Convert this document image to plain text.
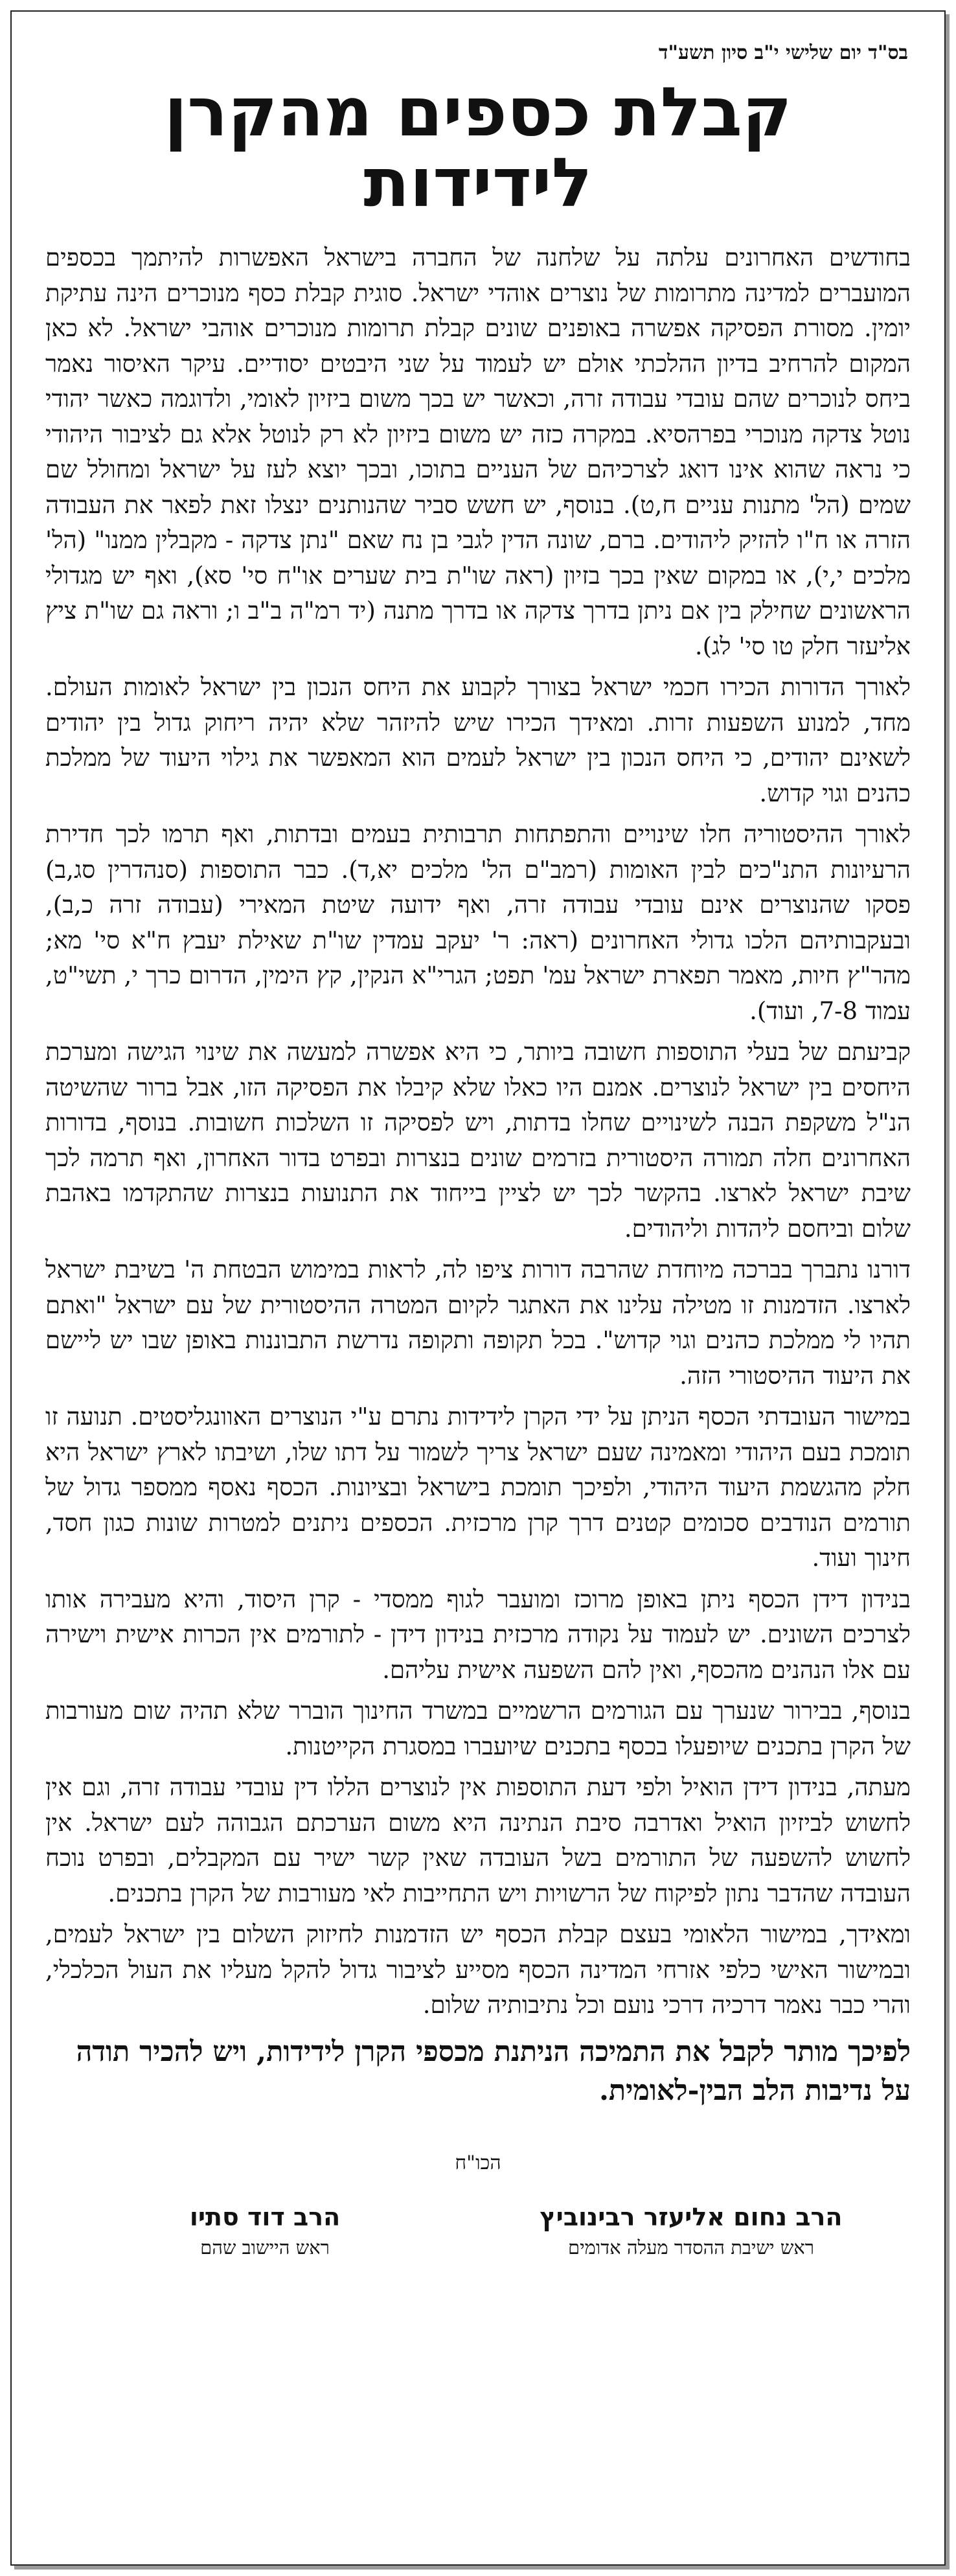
בס"ד יום שלישי י"ב סיון תשע"ד
קבלת כספים מהקרן לידידות

בחודשים האחרונים עלתה על שלחנה של החברה בישראל האפשרות להיתמך בכספים המועברים למדינה מתרומות של נוצרים אוהדי ישראל. סוגית קבלת כסף מנוכרים הינה עתיקת יומין. מסורת הפסיקה אפשרה באופנים שונים קבלת תרומות מנוכרים אוהבי ישראל. לא כאן המקום להרחיב בדיון ההלכתי אולם יש לעמוד על שני היבטים יסודיים. עיקר האיסור נאמר ביחס לנוכרים שהם עובדי עבודה זרה, וכאשר יש בכך משום ביזיון לאומי, ולדוגמה כאשר יהודי נוטל צדקה מנוכרי בפרהסיא. במקרה כזה יש משום ביזיון לא רק לנוטל אלא גם לציבור היהודי כי נראה שהוא אינו דואג לצרכיהם של העניים בתוכו, ובכך יוצא לעז על ישראל ומחולל שם שמים (הל' מתנות עניים ח,ט). בנוסף, יש חשש סביר שהנותנים ינצלו זאת לפאר את העבודה הזרה או ח"ו להזיק ליהודים. ברם, שונה הדין לגבי בן נח שאם "נתן צדקה - מקבלין ממנו" (הל' מלכים י,י), או במקום שאין בכך בזיון (ראה שו"ת בית שערים או"ח סי' סא), ואף יש מגדולי הראשונים שחילק בין אם ניתן בדרך צדקה או בדרך מתנה (יד רמ"ה ב"ב ו; וראה גם שו"ת ציץ אליעזר חלק טו סי' לג).

לאורך הדורות הכירו חכמי ישראל בצורך לקבוע את היחס הנכון בין ישראל לאומות העולם. מחד, למנוע השפעות זרות. ומאידך הכירו שיש להיזהר שלא יהיה ריחוק גדול בין יהודים לשאינם יהודים, כי היחס הנכון בין ישראל לעמים הוא המאפשר את גילוי היעוד של ממלכת כהנים וגוי קדוש.

לאורך ההיסטוריה חלו שינויים והתפתחות תרבותית בעמים ובדתות, ואף תרמו לכך חדירת הרעיונות התנ"כים לבין האומות (רמב"ם הל' מלכים יא,ד). כבר התוספות (סנהדרין סג,ב) פסקו שהנוצרים אינם עובדי עבודה זרה, ואף ידועה שיטת המאירי (עבודה זרה כ,ב), ובעקבותיהם הלכו גדולי האחרונים (ראה: ר' יעקב עמדין שו"ת שאילת יעבץ ח"א סי' מא; מהר"ץ חיות, מאמר תפארת ישראל עמ' תפט; הגרי"א הנקין, קץ הימין, הדרום כרך י, תשי"ט, עמוד 7-8, ועוד).

קביעתם של בעלי התוספות חשובה ביותר, כי היא אפשרה למעשה את שינוי הגישה ומערכת היחסים בין ישראל לנוצרים. אמנם היו כאלו שלא קיבלו את הפסיקה הזו, אבל ברור שהשיטה הנ"ל משקפת הבנה לשינויים שחלו בדתות, ויש לפסיקה זו השלכות חשובות. בנוסף, בדורות האחרונים חלה תמורה היסטורית בזרמים שונים בנצרות ובפרט בדור האחרון, ואף תרמה לכך שיבת ישראל לארצו. בהקשר לכך יש לציין בייחוד את התנועות בנצרות שהתקדמו באהבת שלום וביחסם ליהדות וליהודים.

דורנו נתברך בברכה מיוחדת שהרבה דורות ציפו לה, לראות במימוש הבטחת ה' בשיבת ישראל לארצו. הזדמנות זו מטילה עלינו את האתגר לקיום המטרה ההיסטורית של עם ישראל "ואתם תהיו לי ממלכת כהנים וגוי קדוש". בכל תקופה ותקופה נדרשת התבוננות באופן שבו יש ליישם את היעוד ההיסטורי הזה.

במישור העובדתי הכסף הניתן על ידי הקרן לידידות נתרם ע"י הנוצרים האוונגליסטים. תנועה זו תומכת בעם היהודי ומאמינה שעם ישראל צריך לשמור על דתו שלו, ושיבתו לארץ ישראל היא חלק מהגשמת היעוד היהודי, ולפיכך תומכת בישראל ובציונות. הכסף נאסף ממספר גדול של תורמים הנודבים סכומים קטנים דרך קרן מרכזית. הכספים ניתנים למטרות שונות כגון חסד, חינוך ועוד.

בנידון דידן הכסף ניתן באופן מרוכז ומועבר לגוף ממסדי - קרן היסוד, והיא מעבירה אותו לצרכים השונים. יש לעמוד על נקודה מרכזית בנידון דידן - לתורמים אין הכרות אישית וישירה עם אלו הנהנים מהכסף, ואין להם השפעה אישית עליהם.

בנוסף, בבירור שנערך עם הגורמים הרשמיים במשרד החינוך הוברר שלא תהיה שום מעורבות של הקרן בתכנים שיופעלו בכסף בתכנים שיועברו במסגרת הקייטנות.

מעתה, בנידון דידן הואיל ולפי דעת התוספות אין לנוצרים הללו דין עובדי עבודה זרה, וגם אין לחשוש לביזיון הואיל ואדרבה סיבת הנתינה היא משום הערכתם הגבוהה לעם ישראל. אין לחשוש להשפעה של התורמים בשל העובדה שאין קשר ישיר עם המקבלים, ובפרט נוכח העובדה שהדבר נתון לפיקוח של הרשויות ויש התחייבות לאי מעורבות של הקרן בתכנים.

ומאידך, במישור הלאומי בעצם קבלת הכסף יש הזדמנות לחיזוק השלום בין ישראל לעמים, ובמישור האישי כלפי אזרחי המדינה הכסף מסייע לציבור גדול להקל מעליו את העול הכלכלי, והרי כבר נאמר דרכיה דרכי נועם וכל נתיבותיה שלום.

לפיכך מותר לקבל את התמיכה הניתנת מכספי הקרן לידידות, ויש להכיר תודה על נדיבות הלב הבין-לאומית.
הכו"ח
הרב נחום אליעזר רבינוביץ
ראש ישיבת ההסדר מעלה אדומים
הרב דוד סתיו
ראש היישוב שהם
